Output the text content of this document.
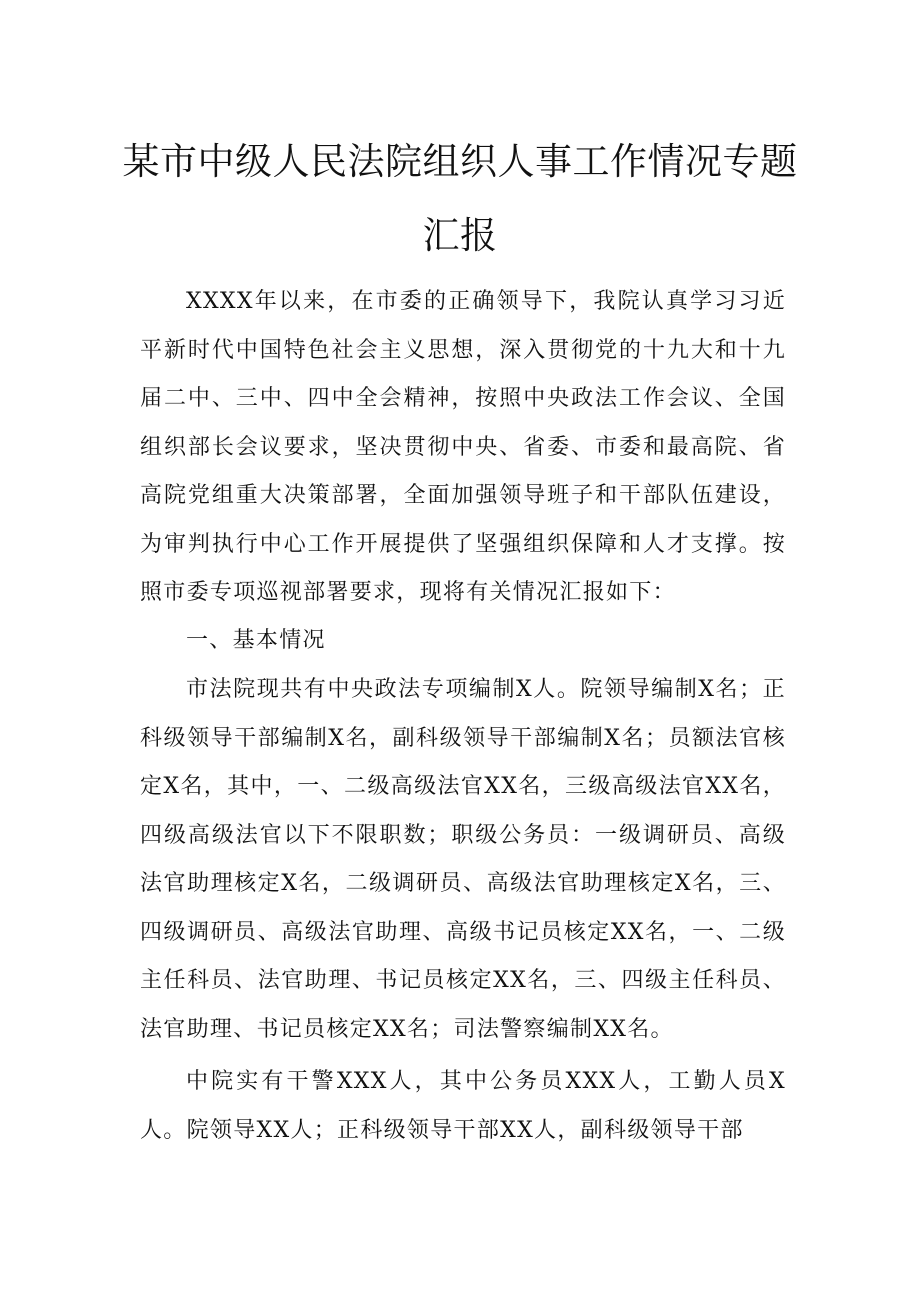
某市中级人民法院组织人事工作情况专题
汇报

XXXX年以来，在市委的正确领导下，我院认真学习习近平新时代中国特色社会主义思想，深入贯彻党的十九大和十九届二中、三中、四中全会精神，按照中央政法工作会议、全国组织部长会议要求，坚决贯彻中央、省委、市委和最高院、省高院党组重大决策部署，全面加强领导班子和干部队伍建设，为审判执行中心工作开展提供了坚强组织保障和人才支撑。按照市委专项巡视部署要求，现将有关情况汇报如下：

一、基本情况

市法院现共有中央政法专项编制X人。院领导编制X名；正科级领导干部编制X名，副科级领导干部编制X名；员额法官核定X名，其中，一、二级高级法官XX名，三级高级法官XX名，四级高级法官以下不限职数；职级公务员：一级调研员、高级法官助理核定X名，二级调研员、高级法官助理核定X名，三、四级调研员、高级法官助理、高级书记员核定XX名，一、二级主任科员、法官助理、书记员核定XX名，三、四级主任科员、法官助理、书记员核定XX名；司法警察编制XX名。

中院实有干警XXX人，其中公务员XXX人，工勤人员X人。院领导XX人；正科级领导干部XX人，副科级领导干部
